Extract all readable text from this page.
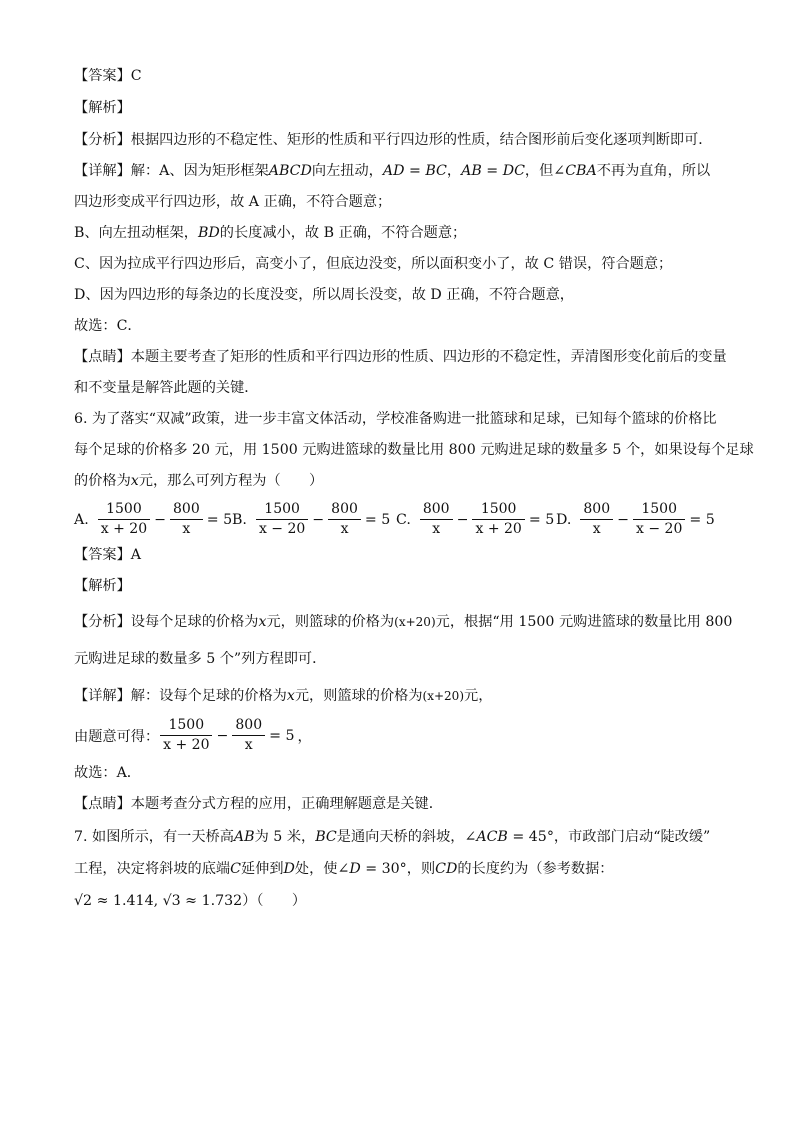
【答案】C
【解析】
【分析】根据四边形的不稳定性、矩形的性质和平行四边形的性质，结合图形前后变化逐项判断即可．
【详解】解：A、因为矩形框架ABCD向左扭动，AD = BC，AB = DC，但∠CBA不再为直角，所以
四边形变成平行四边形，故 A 正确，不符合题意；
B、向左扭动框架，BD的长度减小，故 B 正确，不符合题意；
C、因为拉成平行四边形后，高变小了，但底边没变，所以面积变小了，故 C 错误，符合题意；
D、因为四边形的每条边的长度没变，所以周长没变，故 D 正确，不符合题意，
故选：C．
【点睛】本题主要考查了矩形的性质和平行四边形的性质、四边形的不稳定性，弄清图形变化前后的变量
和不变量是解答此题的关键．
6. 为了落实“双减”政策，进一步丰富文体活动，学校准备购进一批篮球和足球，已知每个篮球的价格比
每个足球的价格多 20 元，用 1500 元购进篮球的数量比用 800 元购进足球的数量多 5 个，如果设每个足球
的价格为x元，那么可列方程为（　　）
A. $\frac{1500}{x + 20} - \frac{800}{x} = 5$ B. $\frac{1500}{x - 20} - \frac{800}{x} = 5$ C. $\frac{800}{x} - \frac{1500}{x + 20} = 5$ D. $\frac{800}{x} - \frac{1500}{x - 20} = 5$
【答案】A
【解析】
【分析】设每个足球的价格为x元，则篮球的价格为(x+20)元，根据“用 1500 元购进篮球的数量比用 800
元购进足球的数量多 5 个”列方程即可．
【详解】解：设每个足球的价格为x元，则篮球的价格为(x+20)元，
由题意可得： $\frac{1500}{x + 20} - \frac{800}{x} = 5$ ，
故选：A．
【点睛】本题考查分式方程的应用，正确理解题意是关键．
7. 如图所示，有一天桥高AB为 5 米，BC是通向天桥的斜坡，∠ACB = 45°，市政部门启动“陡改缓”
工程，决定将斜坡的底端C延伸到D处，使∠D = 30°，则CD的长度约为（参考数据：
√2 ≈ 1.414, √3 ≈ 1.732）（　　）
